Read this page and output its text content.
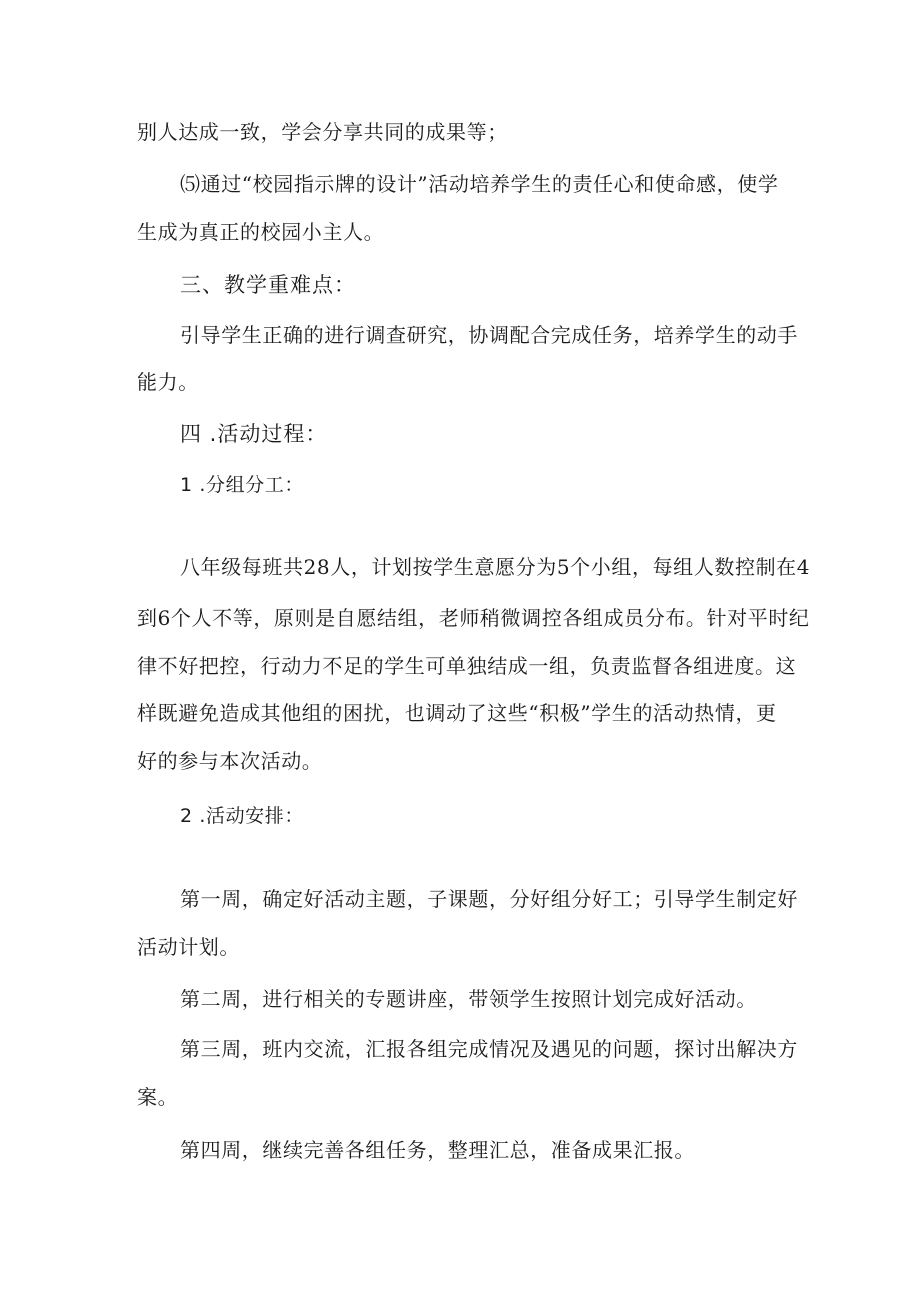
别人达成一致，学会分享共同的成果等；
⑸通过“校园指示牌的设计”活动培养学生的责任心和使命感，使学
生成为真正的校园小主人。
三、教学重难点：
引导学生正确的进行调查研究，协调配合完成任务，培养学生的动手
能力。
四 .活动过程：
1 .分组分工：
八年级每班共28人，计划按学生意愿分为5个小组，每组人数控制在4
到6个人不等，原则是自愿结组，老师稍微调控各组成员分布。针对平时纪
律不好把控，行动力不足的学生可单独结成一组，负责监督各组进度。这
样既避免造成其他组的困扰，也调动了这些“积极”学生的活动热情，更
好的参与本次活动。
2 .活动安排：
第一周，确定好活动主题，子课题，分好组分好工；引导学生制定好
活动计划。
第二周，进行相关的专题讲座，带领学生按照计划完成好活动。
第三周，班内交流，汇报各组完成情况及遇见的问题，探讨出解决方
案。
第四周，继续完善各组任务，整理汇总，准备成果汇报。
